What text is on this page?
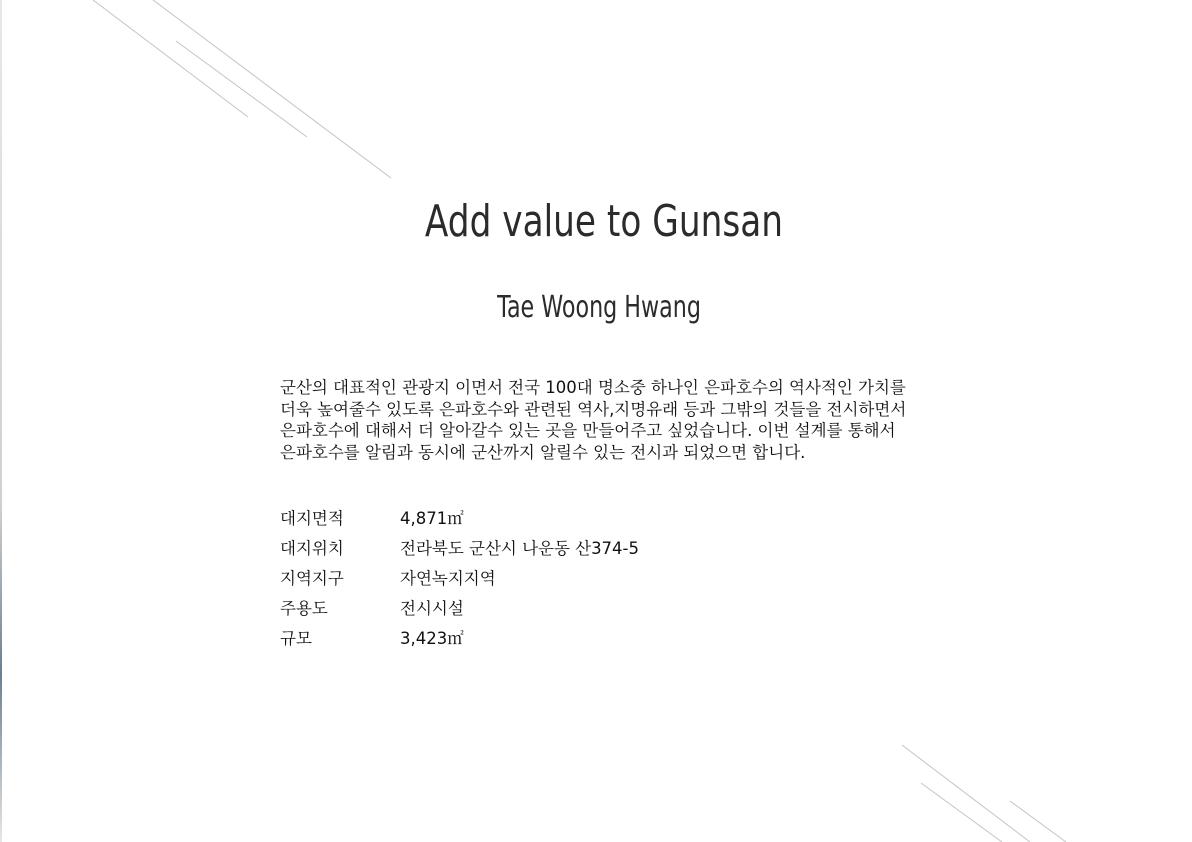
Add value to Gunsan
Tae Woong Hwang

군산의 대표적인 관광지 이면서 전국 100대 명소중 하나인 은파호수의 역사적인 가치를

더욱 높여줄수 있도록 은파호수와 관련된 역사,지명유래 등과 그밖의 것들을 전시하면서

은파호수에 대해서 더 알아갈수 있는 곳을 만들어주고 싶었습니다. 이번 설계를 통해서

은파호수를 알림과 동시에 군산까지 알릴수 있는 전시과 되었으면 합니다.

대지면적	4,871㎡
대지위치	전라북도 군산시 나운동 산374-5
지역지구	자연녹지지역
주용도	전시시설
규모	3,423㎡
